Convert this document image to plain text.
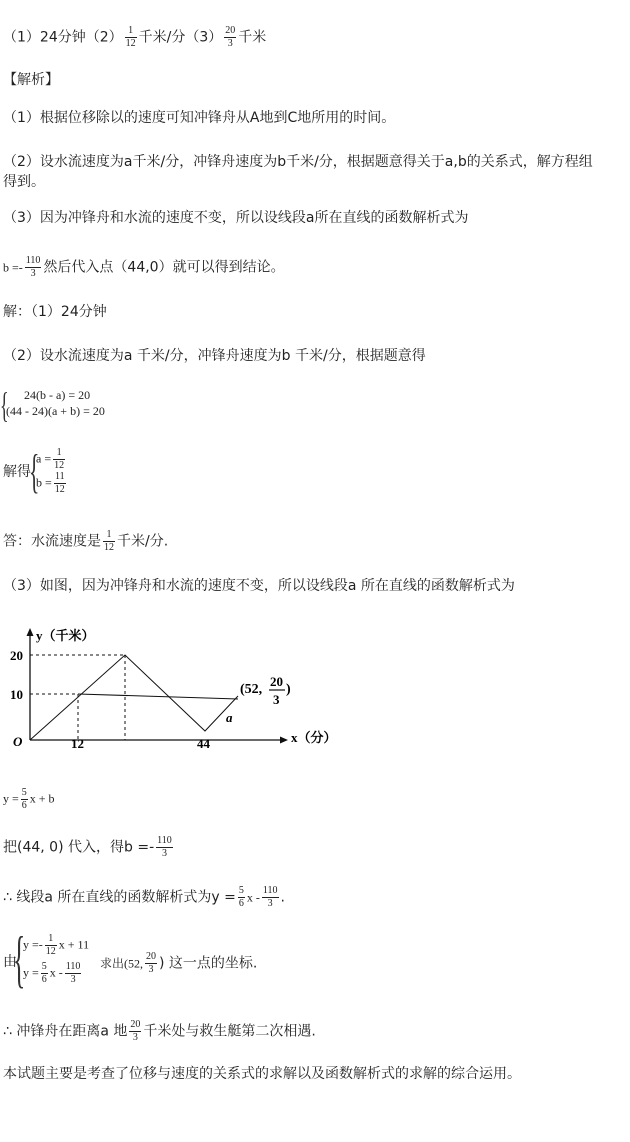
（1）24分钟$(2) \frac{1}{12}$ 千米/分$(3) \frac{20}{3}$ 千米
【解析】
（1）根据位移除以的速度可知冲锋舟从A地到C地所用的时间。
（2）设水流速度为a千米/分，冲锋舟速度为b千米/分，根据题意得关于a,b的关系式，解方程组
得到。
（3）因为冲锋舟和水流的速度不变，所以设线段a所在直线的函数解析式为
$b =- \frac{110}{3}$ 然后代入点（44,0）就可以得到结论。
解：（1）24分钟
（2）设水流速度为a 千米/分，冲锋舟速度为b 千米/分，根据题意得
{ 24(b - a) = 20
(44 - 24)(a + b) = 20
解得
{
$a = \frac{1}{12}$
$b = \frac{11}{12}$
答：水流速度是 $\frac{1}{12}$ 千米/分.
（3）如图，因为冲锋舟和水流的速度不变，所以设线段a 所在直线的函数解析式为
y（千米）
20
10
O	12	44	x（分）
(52,
20
3
)
a
$y = \frac{5}{6}$ x + b
把(44, 0) 代入，得$b =- \frac{110}{3}$
∴ 线段a 所在直线的函数解析式为$y = \frac{5}{6}$ x - $\frac{110}{3}$ .
由
{
$y =- \frac{1}{12}$ x + 11
$y = \frac{5}{6}$ x - $\frac{110}{3}$ 求出(52, $\frac{20}{3}$ ) 这一点的坐标.
∴ 冲锋舟在距离a 地 $\frac{20}{3}$ 千米处与救生艇第二次相遇.
本试题主要是考查了位移与速度的关系式的求解以及函数解析式的求解的综合运用。
